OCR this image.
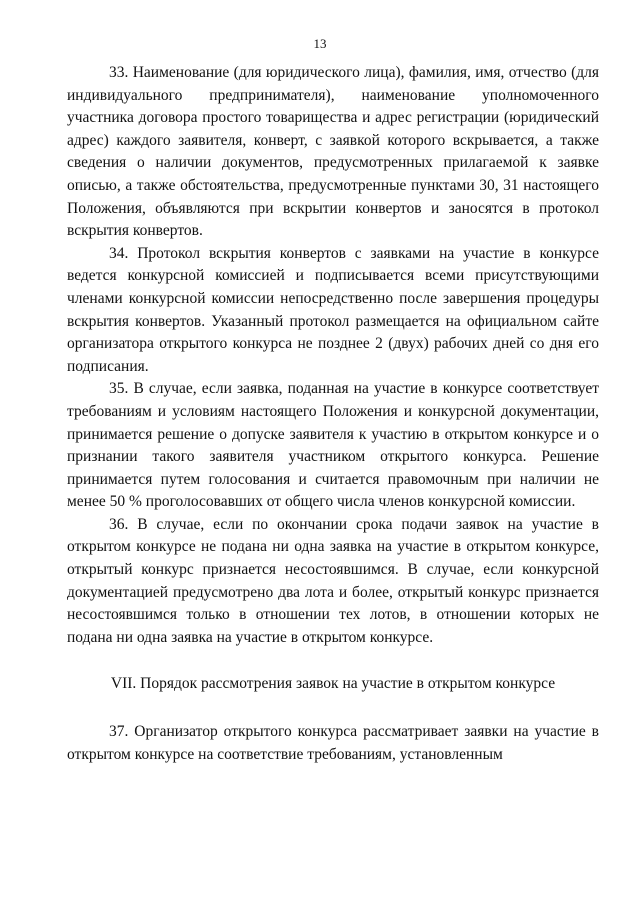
13

33. Наименование (для юридического лица), фамилия, имя, отчество (для индивидуального предпринимателя), наименование уполномоченного участника договора простого товарищества и адрес регистрации (юридический адрес) каждого заявителя, конверт, с заявкой которого вскрывается, а также сведения о наличии документов, предусмотренных прилагаемой к заявке описью, а также обстоятельства, предусмотренные пунктами 30, 31 настоящего Положения, объявляются при вскрытии конвертов и заносятся в протокол вскрытия конвертов.

34. Протокол вскрытия конвертов с заявками на участие в конкурсе ведется конкурсной комиссией и подписывается всеми присутствующими членами конкурсной комиссии непосредственно после завершения процедуры вскрытия конвертов. Указанный протокол размещается на официальном сайте организатора открытого конкурса не позднее 2 (двух) рабочих дней со дня его подписания.

35. В случае, если заявка, поданная на участие в конкурсе соответствует требованиям и условиям настоящего Положения и конкурсной документации, принимается решение о допуске заявителя к участию в открытом конкурсе и о признании такого заявителя участником открытого конкурса. Решение принимается путем голосования и считается правомочным при наличии не менее 50 % проголосовавших от общего числа членов конкурсной комиссии.

36. В случае, если по окончании срока подачи заявок на участие в открытом конкурсе не подана ни одна заявка на участие в открытом конкурсе, открытый конкурс признается несостоявшимся. В случае, если конкурсной документацией предусмотрено два лота и более, открытый конкурс признается несостоявшимся только в отношении тех лотов, в отношении которых не подана ни одна заявка на участие в открытом конкурсе.

VII. Порядок рассмотрения заявок на участие в открытом конкурсе

37. Организатор открытого конкурса рассматривает заявки на участие в открытом конкурсе на соответствие требованиям, установленным
